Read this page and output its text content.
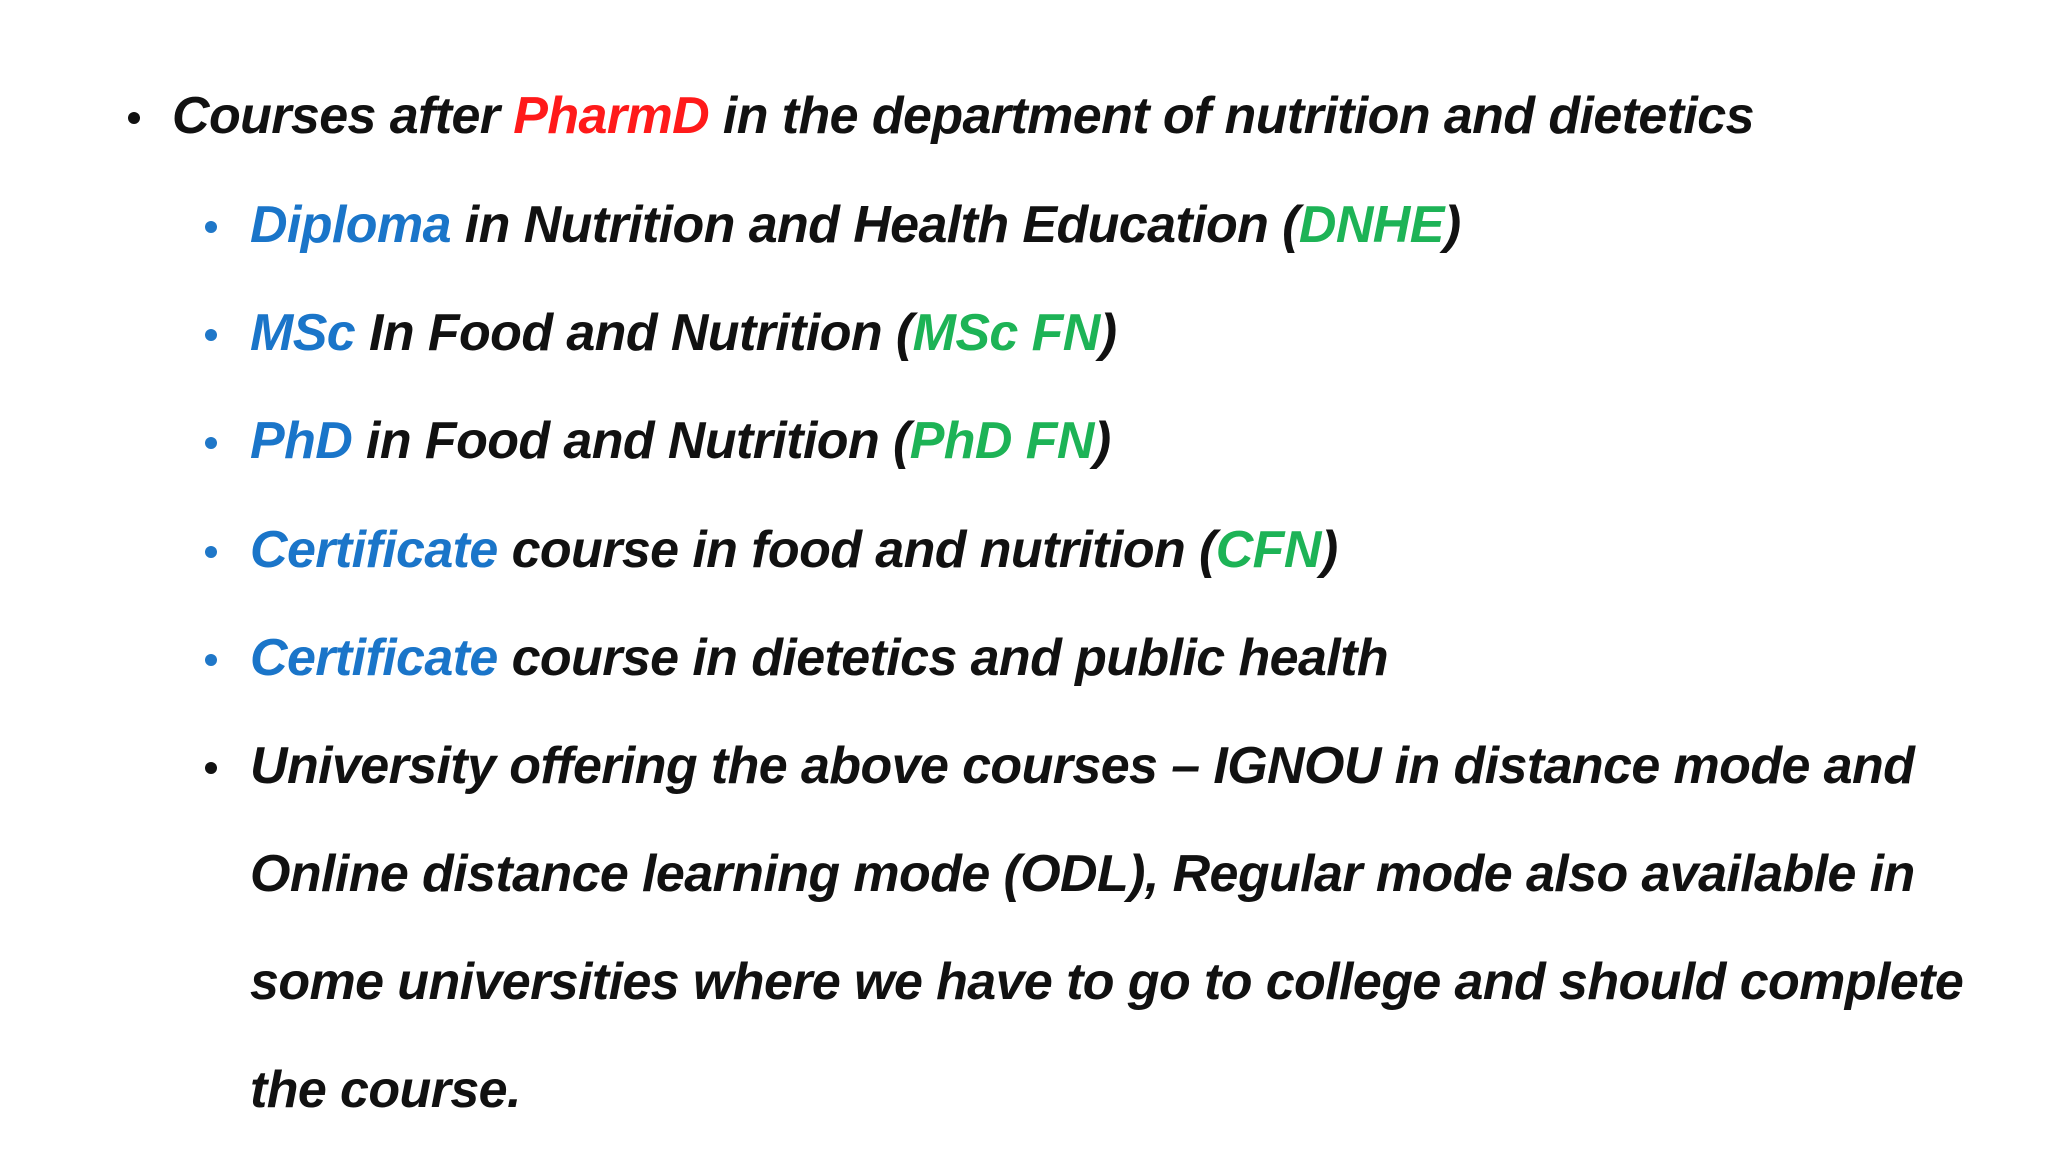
Courses after PharmD in the department of nutrition and dietetics
Diploma in Nutrition and Health Education (DNHE)
MSc In Food and Nutrition (MSc FN)
PhD in Food and Nutrition (PhD FN)
Certificate course in food and nutrition (CFN)
Certificate course in dietetics and public health
University offering the above courses – IGNOU in distance mode and
Online distance learning mode (ODL), Regular mode also available in
some universities where we have to go to college and should complete
the course.
